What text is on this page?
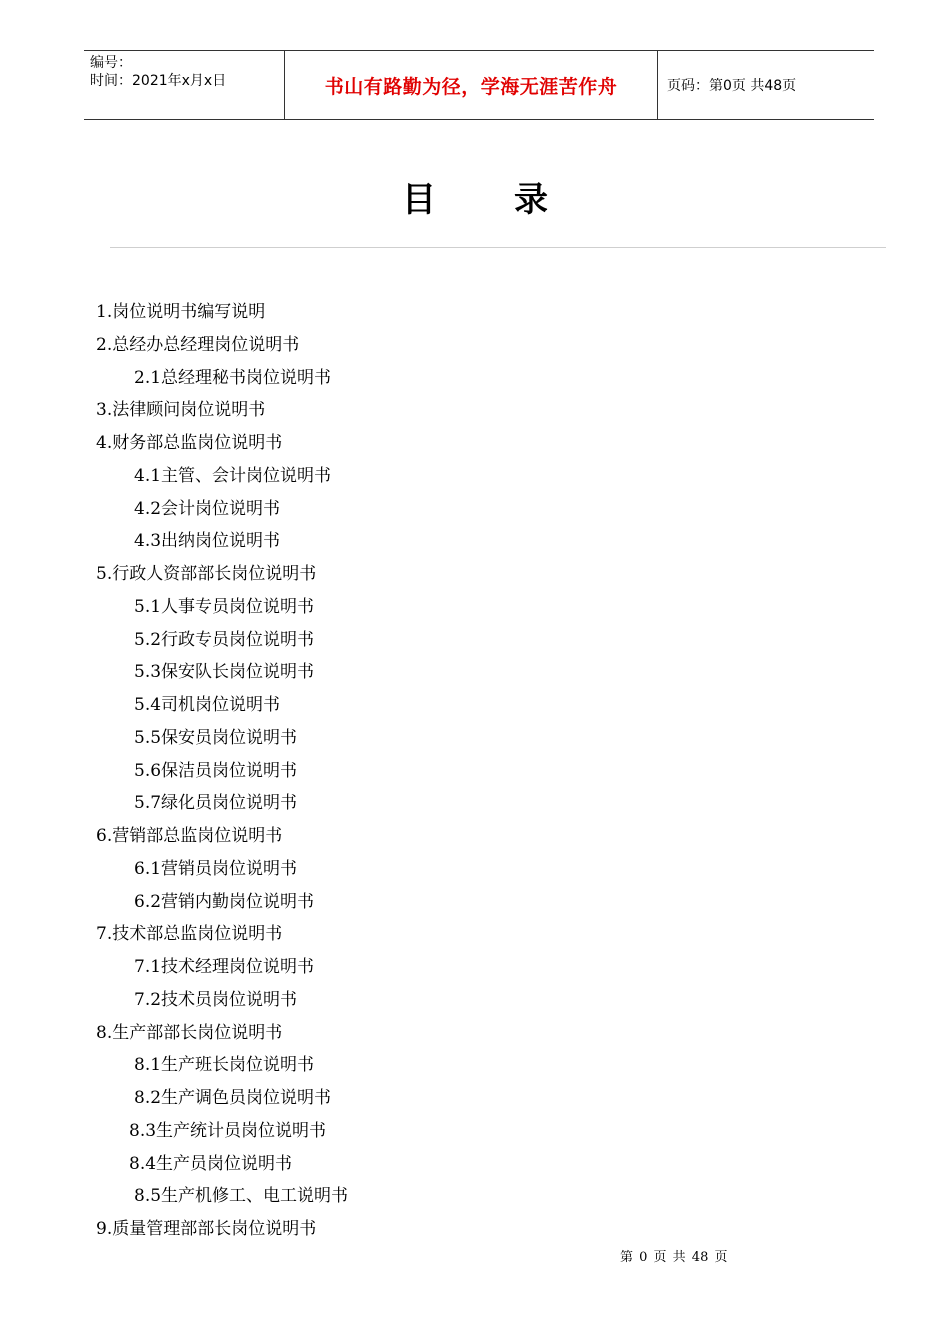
编号：
时间：2021年x月x日	书山有路勤为径，学海无涯苦作舟	页码：第0页 共48页
目 录
1.岗位说明书编写说明
2.总经办总经理岗位说明书
2.1总经理秘书岗位说明书
3.法律顾问岗位说明书
4.财务部总监岗位说明书
4.1主管、会计岗位说明书
4.2会计岗位说明书
4.3出纳岗位说明书
5.行政人资部部长岗位说明书
5.1人事专员岗位说明书
5.2行政专员岗位说明书
5.3保安队长岗位说明书
5.4司机岗位说明书
5.5保安员岗位说明书
5.6保洁员岗位说明书
5.7绿化员岗位说明书
6.营销部总监岗位说明书
6.1营销员岗位说明书
6.2营销内勤岗位说明书
7.技术部总监岗位说明书
7.1技术经理岗位说明书
7.2技术员岗位说明书
8.生产部部长岗位说明书
8.1生产班长岗位说明书
8.2生产调色员岗位说明书
8.3生产统计员岗位说明书
8.4生产员岗位说明书
8.5生产机修工、电工说明书
9.质量管理部部长岗位说明书
第 0 页 共 48 页
